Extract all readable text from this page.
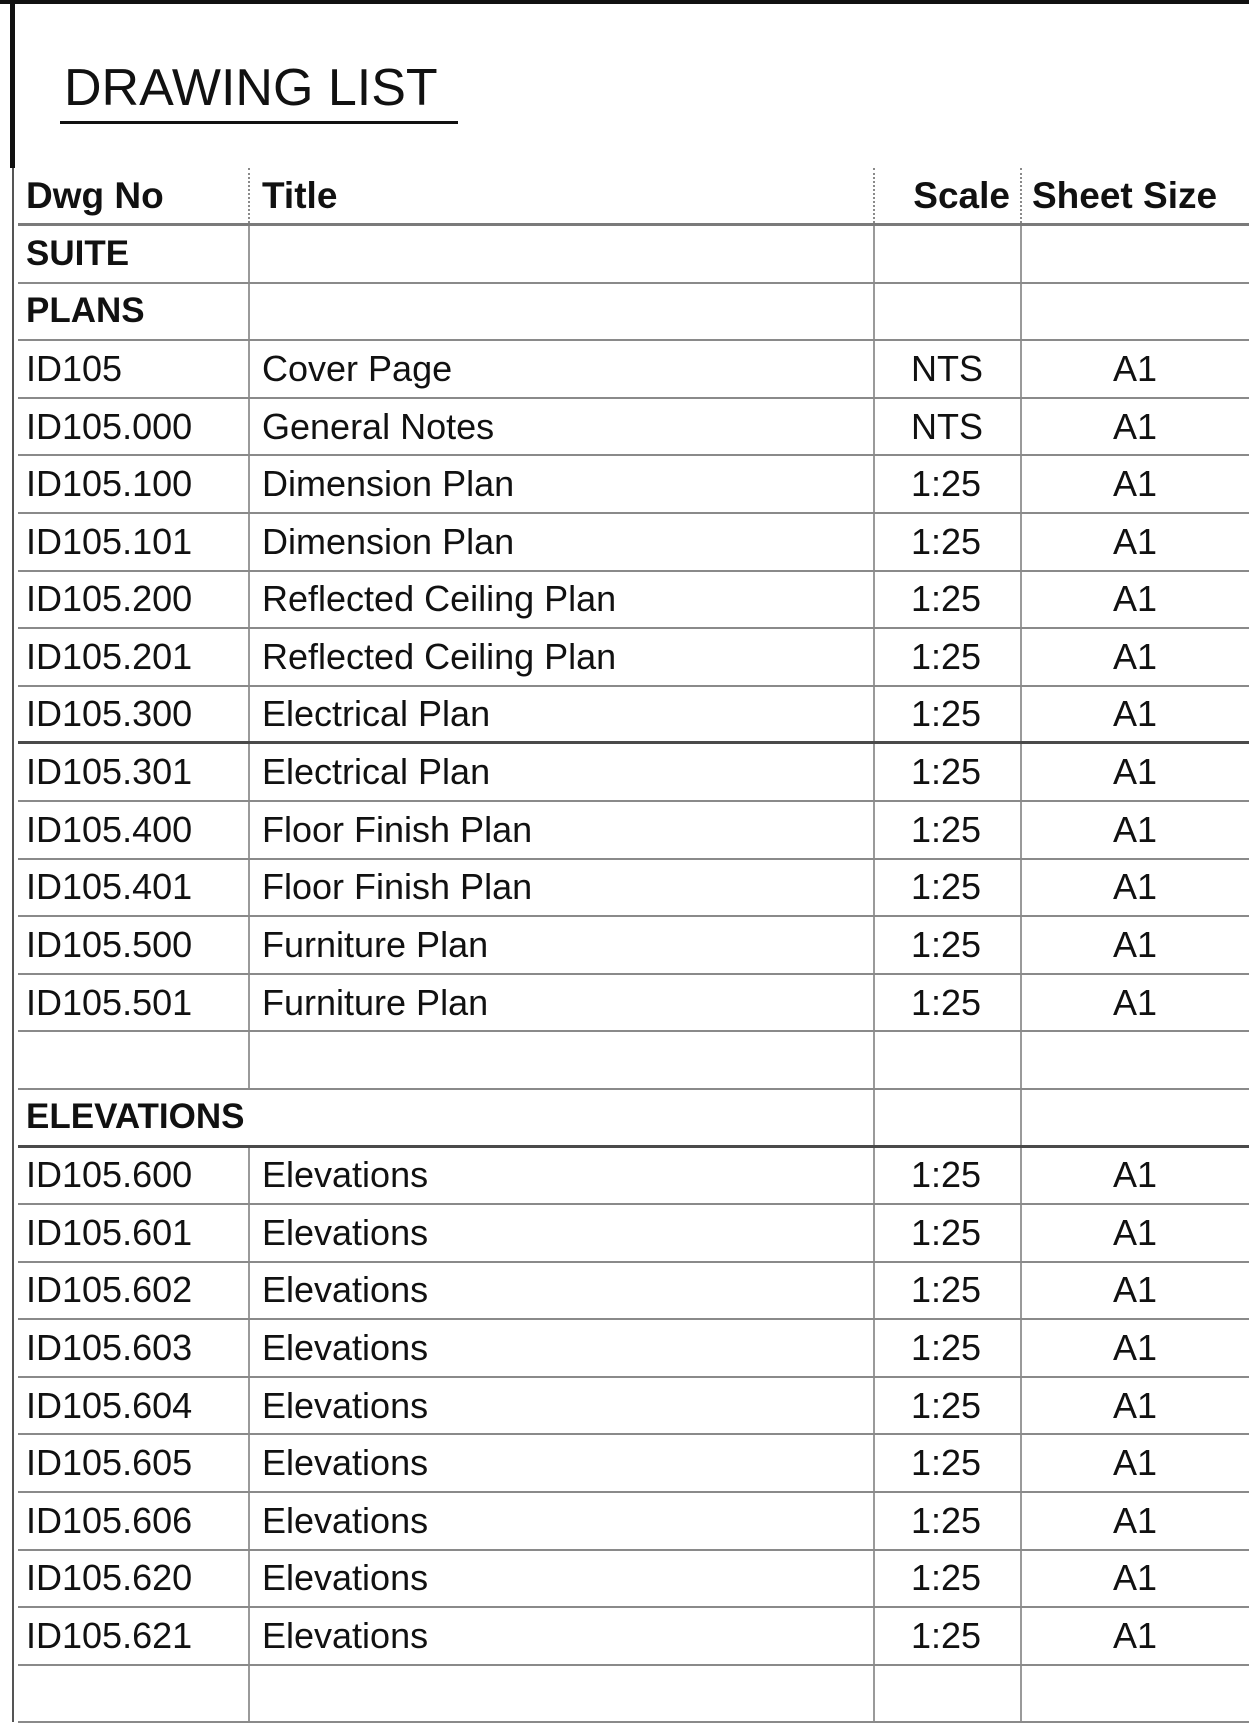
DRAWING LIST
Dwg No	Title	Scale Sheet Size
SUITE
PLANS
ID105	Cover Page	NTS	A1
ID105.000	General Notes	NTS	A1
ID105.100	Dimension Plan	1:25	A1
ID105.101	Dimension Plan	1:25	A1
ID105.200	Reflected Ceiling Plan	1:25	A1
ID105.201	Reflected Ceiling Plan	1:25	A1
ID105.300	Electrical Plan	1:25	A1
ID105.301	Electrical Plan	1:25	A1
ID105.400	Floor Finish Plan	1:25	A1
ID105.401	Floor Finish Plan	1:25	A1
ID105.500	Furniture Plan	1:25	A1
ID105.501	Furniture Plan	1:25	A1
ELEVATIONS
ID105.600	Elevations	1:25	A1
ID105.601	Elevations	1:25	A1
ID105.602	Elevations	1:25	A1
ID105.603	Elevations	1:25	A1
ID105.604	Elevations	1:25	A1
ID105.605	Elevations	1:25	A1
ID105.606	Elevations	1:25	A1
ID105.620	Elevations	1:25	A1
ID105.621	Elevations	1:25	A1
